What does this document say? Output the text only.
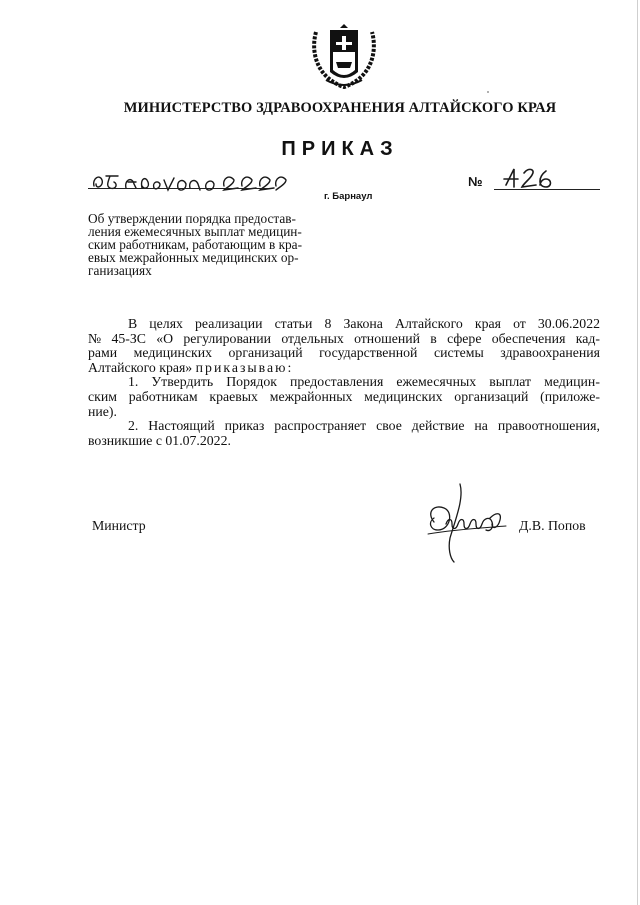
МИНИСТЕРСТВО ЗДРАВООХРАНЕНИЯ АЛТАЙСКОГО КРАЯ
ПРИКАЗ
05 августа 2022
г. Барнаул
№
426
Об утверждении порядка предостав-
ления ежемесячных выплат медицин-
ским работникам, работающим в кра-
евых межрайонных медицинских ор-
ганизациях
В целях реализации статьи 8 Закона Алтайского края от 30.06.2022
№ 45-ЗС «О регулировании отдельных отношений в сфере обеспечения кад-
рами медицинских организаций государственной системы здравоохранения
Алтайского края» приказываю:
1. Утвердить Порядок предоставления ежемесячных выплат медицин-
ским работникам краевых межрайонных медицинских организаций (приложе-
ние).
2. Настоящий приказ распространяет свое действие на правоотношения,
возникшие с 01.07.2022.
Министр	Д.В. Попов
